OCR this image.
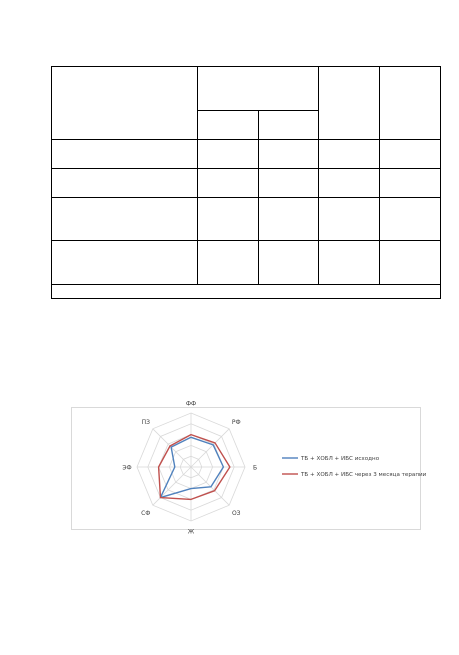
ФФ
РФ
Б
ОЗ
Ж
СФ
ЭФ
ПЗ
ТБ + ХОБЛ + ИБС исходно
ТБ + ХОБЛ + ИБС через 3 месяца терапии
